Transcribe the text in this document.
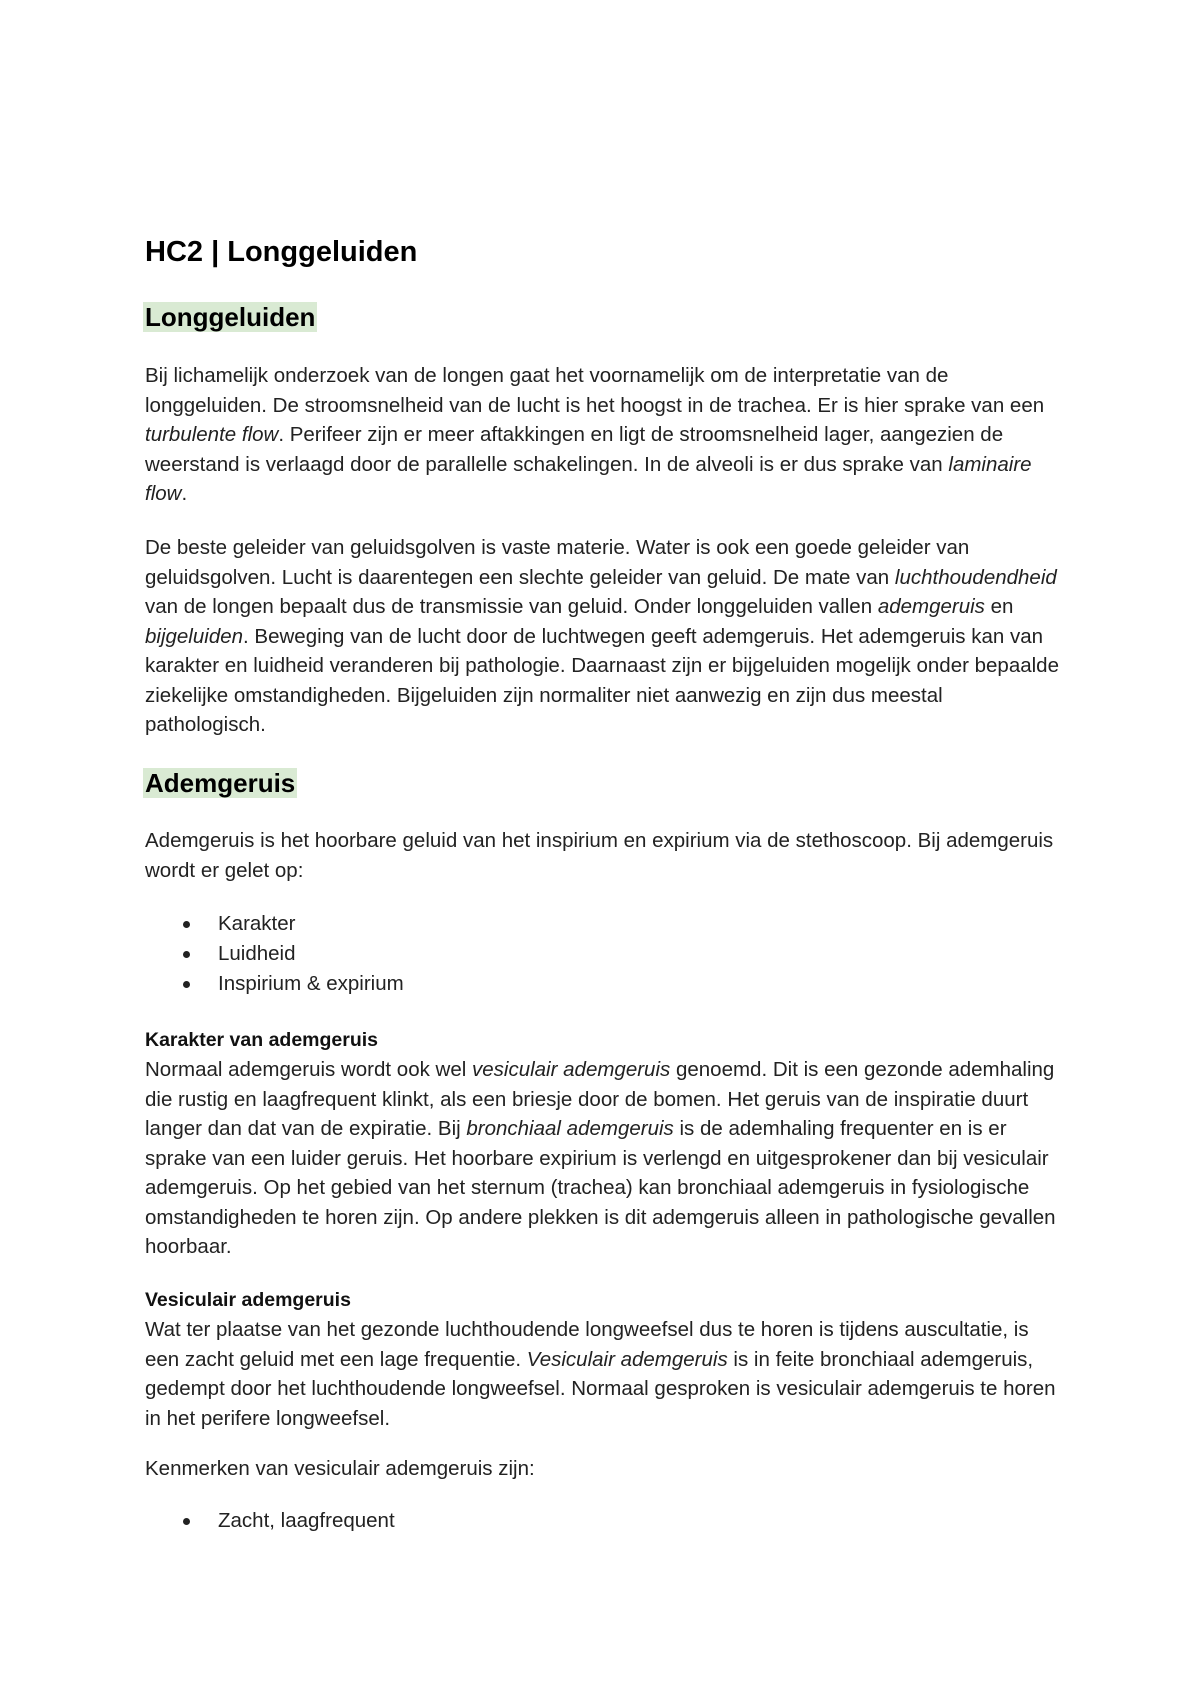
HC2 | Longgeluiden
Longgeluiden

Bij lichamelijk onderzoek van de longen gaat het voornamelijk om de interpretatie van de longgeluiden. De stroomsnelheid van de lucht is het hoogst in de trachea. Er is hier sprake van een turbulente flow. Perifeer zijn er meer aftakkingen en ligt de stroomsnelheid lager, aangezien de weerstand is verlaagd door de parallelle schakelingen. In de alveoli is er dus sprake van laminaire flow.

De beste geleider van geluidsgolven is vaste materie. Water is ook een goede geleider van geluidsgolven. Lucht is daarentegen een slechte geleider van geluid. De mate van luchthoudendheid van de longen bepaalt dus de transmissie van geluid. Onder longgeluiden vallen ademgeruis en bijgeluiden. Beweging van de lucht door de luchtwegen geeft ademgeruis. Het ademgeruis kan van karakter en luidheid veranderen bij pathologie. Daarnaast zijn er bijgeluiden mogelijk onder bepaalde ziekelijke omstandigheden. Bijgeluiden zijn normaliter niet aanwezig en zijn dus meestal pathologisch.

Ademgeruis

Ademgeruis is het hoorbare geluid van het inspirium en expirium via de stethoscoop. Bij ademgeruis wordt er gelet op:

Karakter
Luidheid
Inspirium & expirium
Karakter van ademgeruis

Normaal ademgeruis wordt ook wel vesiculair ademgeruis genoemd. Dit is een gezonde ademhaling die rustig en laagfrequent klinkt, als een briesje door de bomen. Het geruis van de inspiratie duurt langer dan dat van de expiratie. Bij bronchiaal ademgeruis is de ademhaling frequenter en is er sprake van een luider geruis. Het hoorbare expirium is verlengd en uitgesprokener dan bij vesiculair ademgeruis. Op het gebied van het sternum (trachea) kan bronchiaal ademgeruis in fysiologische omstandigheden te horen zijn. Op andere plekken is dit ademgeruis alleen in pathologische gevallen hoorbaar.

Vesiculair ademgeruis

Wat ter plaatse van het gezonde luchthoudende longweefsel dus te horen is tijdens auscultatie, is een zacht geluid met een lage frequentie. Vesiculair ademgeruis is in feite bronchiaal ademgeruis, gedempt door het luchthoudende longweefsel. Normaal gesproken is vesiculair ademgeruis te horen in het perifere longweefsel.

Kenmerken van vesiculair ademgeruis zijn:

Zacht, laagfrequent
